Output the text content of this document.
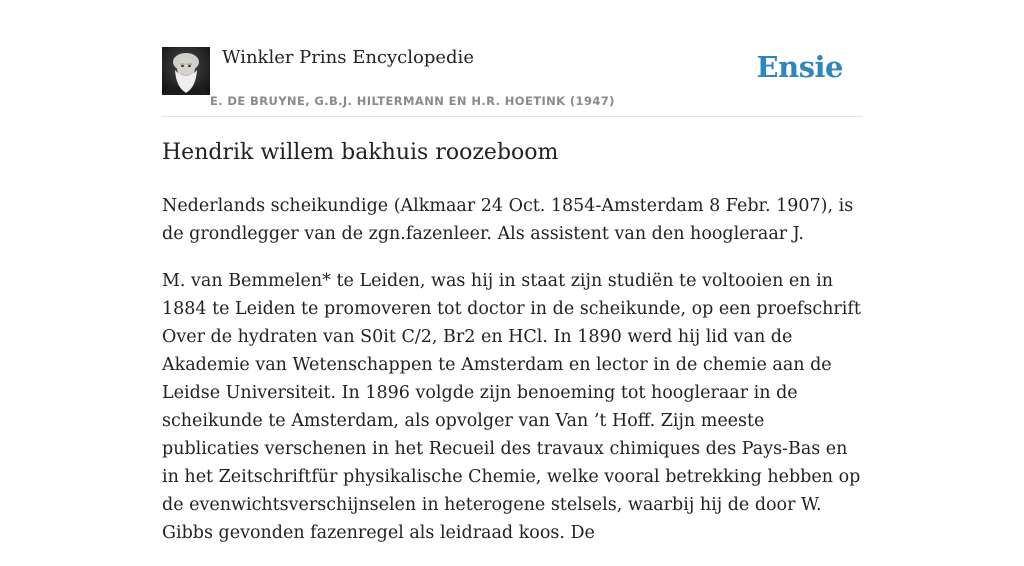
Winkler Prins Encyclopedie
E. DE BRUYNE, G.B.J. HILTERMANN EN H.R. HOETINK (1947)
Ensie
Hendrik willem bakhuis roozeboom

Nederlands scheikundige (Alkmaar 24 Oct. 1854-Amsterdam 8 Febr. 1907), is de grondlegger van de zgn.fazenleer. Als assistent van den hoogleraar J.

M. van Bemmelen* te Leiden, was hij in staat zijn studiën te voltooien en in 1884 te Leiden te promoveren tot doctor in de scheikunde, op een proefschrift Over de hydraten van S0it C/2, Br2 en HCl. In 1890 werd hij lid van de Akademie van Wetenschappen te Amsterdam en lector in de chemie aan de Leidse Universiteit. In 1896 volgde zijn benoeming tot hoogleraar in de scheikunde te Amsterdam, als opvolger van Van ’t Hoff. Zijn meeste publicaties verschenen in het Recueil des travaux chimiques des Pays-Bas en in het Zeitschriftfür physikalische Chemie, welke vooral betrekking hebben op de evenwichtsverschijnselen in heterogene stelsels, waarbij hij de door W. Gibbs gevonden fazenregel als leidraad koos. De
